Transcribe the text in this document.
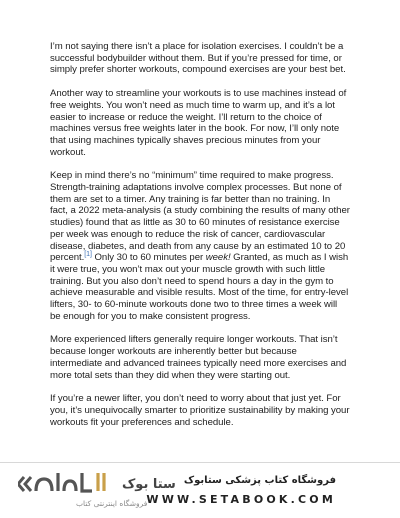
I’m not saying there isn’t a place for isolation exercises. I couldn’t be a successful bodybuilder without them. But if you’re pressed for time, or simply prefer shorter workouts, compound exercises are your best bet.

Another way to streamline your workouts is to use machines instead of free weights. You won’t need as much time to warm up, and it’s a lot easier to increase or reduce the weight. I’ll return to the choice of machines versus free weights later in the book. For now, I’ll only note that using machines typically shaves precious minutes from your workout.

Keep in mind there’s no “minimum” time required to make progress. Strength-training adaptations involve complex processes. But none of them are set to a timer. Any training is far better than no training. In fact, a 2022 meta-analysis (a study combining the results of many other studies) found that as little as 30 to 60 minutes of resistance exercise per week was enough to reduce the risk of cancer, cardiovascular disease, diabetes, and death from any cause by an estimated 10 to 20 percent.[1] Only 30 to 60 minutes per week! Granted, as much as I wish it were true, you won’t max out your muscle growth with such little training. But you also don’t need to spend hours a day in the gym to achieve measurable and visible results. Most of the time, for entry-level lifters, 30- to 60-minute workouts done two to three times a week will be enough for you to make consistent progress.

More experienced lifters generally require longer workouts. That isn’t because longer workouts are inherently better but because intermediate and advanced trainees typically need more exercises and more total sets than they did when they were starting out.

If you’re a newer lifter, you don’t need to worry about that just yet. For you, it’s unequivocally smarter to prioritize sustainability by making your workouts fit your preferences and schedule.

ستا بوک
فروشگاه اینترنتی کتاب
فروشگاه کتاب پزشکی ستابوک
WWW.SETABOOK.COM
